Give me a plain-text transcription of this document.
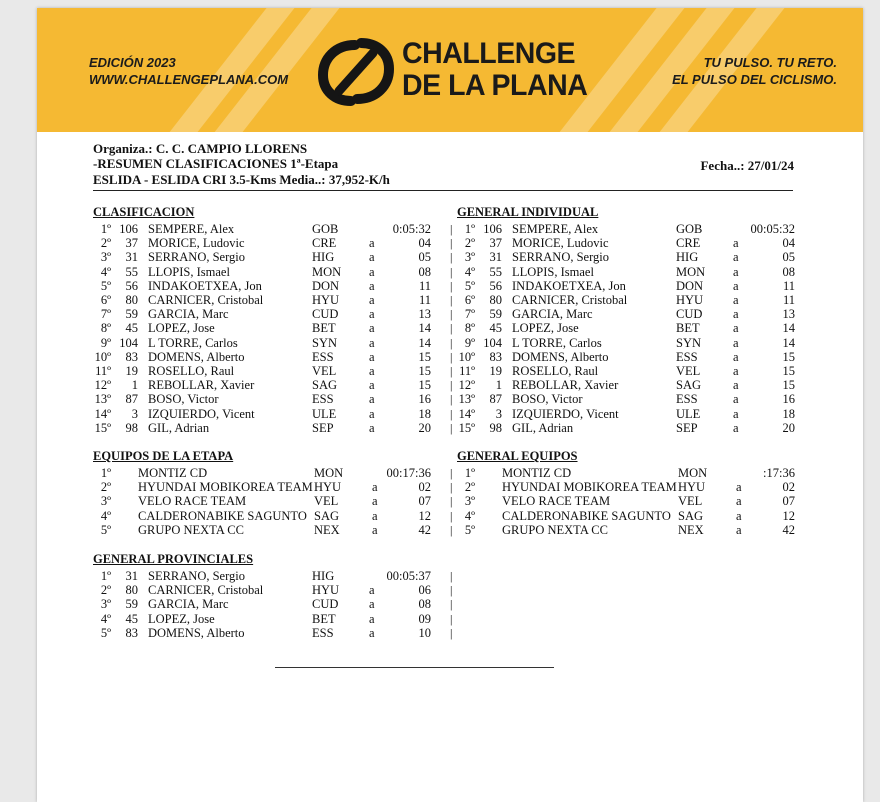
EDICIÓN 2023
WWW.CHALLENGEPLANA.COM
CHALLENGE
DE LA PLANA
TU PULSO. TU RETO.
EL PULSO DEL CICLISMO.
Organiza.: C. C. CAMPIO LLORENS
-RESUMEN CLASIFICACIONES 1ª-Etapa
ESLIDA - ESLIDA CRI 3.5-Kms Media..: 37,952-K/h
Fecha..: 27/01/24
CLASIFICACION	GENERAL INDIVIDUAL
EQUIPOS DE LA ETAPA	GENERAL EQUIPOS
GENERAL PROVINCIALES
1º 106 SEMPERE, Alex	GOB	0:05:32 |
2º	37 MORICE, Ludovic	CRE	a	04 |
3º	31 SERRANO, Sergio	HIG	a	05 |
4º	55 LLOPIS, Ismael	MON a	08 |
5º	56 INDAKOETXEA, Jon	DON a	11 |
6º	80 CARNICER, Cristobal	HYU a	11 |
7º	59 GARCIA, Marc	CUD a	13 |
8º	45 LOPEZ, Jose	BET	a	14 |
9º 104 L TORRE, Carlos	SYN	a	14 |
10º	83 DOMENS, Alberto	ESS	a	15 |
11º	19 ROSELLO, Raul	VEL	a	15 |
12º	1 REBOLLAR, Xavier	SAG	a	15 |
13º	87 BOSO, Victor	ESS	a	16 |
14º	3 IZQUIERDO, Vicent	ULE	a	18 |
15º	98 GIL, Adrian	SEP	a	20 |
1º 106 SEMPERE, Alex	GOB	00:05:32
2º	37 MORICE, Ludovic	CRE	a	04
3º	31 SERRANO, Sergio	HIG	a	05
4º	55 LLOPIS, Ismael	MON a	08
5º	56 INDAKOETXEA, Jon	DON a	11
6º	80 CARNICER, Cristobal	HYU a	11
7º	59 GARCIA, Marc	CUD a	13
8º	45 LOPEZ, Jose	BET	a	14
9º 104 L TORRE, Carlos	SYN	a	14
10º	83 DOMENS, Alberto	ESS	a	15
11º	19 ROSELLO, Raul	VEL	a	15
12º	1 REBOLLAR, Xavier	SAG	a	15
13º	87 BOSO, Victor	ESS	a	16
14º	3 IZQUIERDO, Vicent	ULE	a	18
15º	98 GIL, Adrian	SEP	a	20
1º MONTIZ CD	MON	00:17:36 |
2º HYUNDAI MOBIKOREA TEAM HYU a	02 |
3º VELO RACE TEAM	VEL	a	07 |
4º CALDERONABIKE SAGUNTO SAG	a	12 |
5º GRUPO NEXTA CC	NEX	a	42 |
1º MONTIZ CD	MON	:17:36
2º HYUNDAI MOBIKOREA TEAM HYU a	02
3º VELO RACE TEAM	VEL	a	07
4º CALDERONABIKE SAGUNTO SAG	a	12
5º GRUPO NEXTA CC	NEX	a	42
1º	31 SERRANO, Sergio	HIG	00:05:37 |
2º	80 CARNICER, Cristobal	HYU a	06 |
3º	59 GARCIA, Marc	CUD a	08 |
4º	45 LOPEZ, Jose	BET	a	09 |
5º	83 DOMENS, Alberto	ESS	a	10 |
